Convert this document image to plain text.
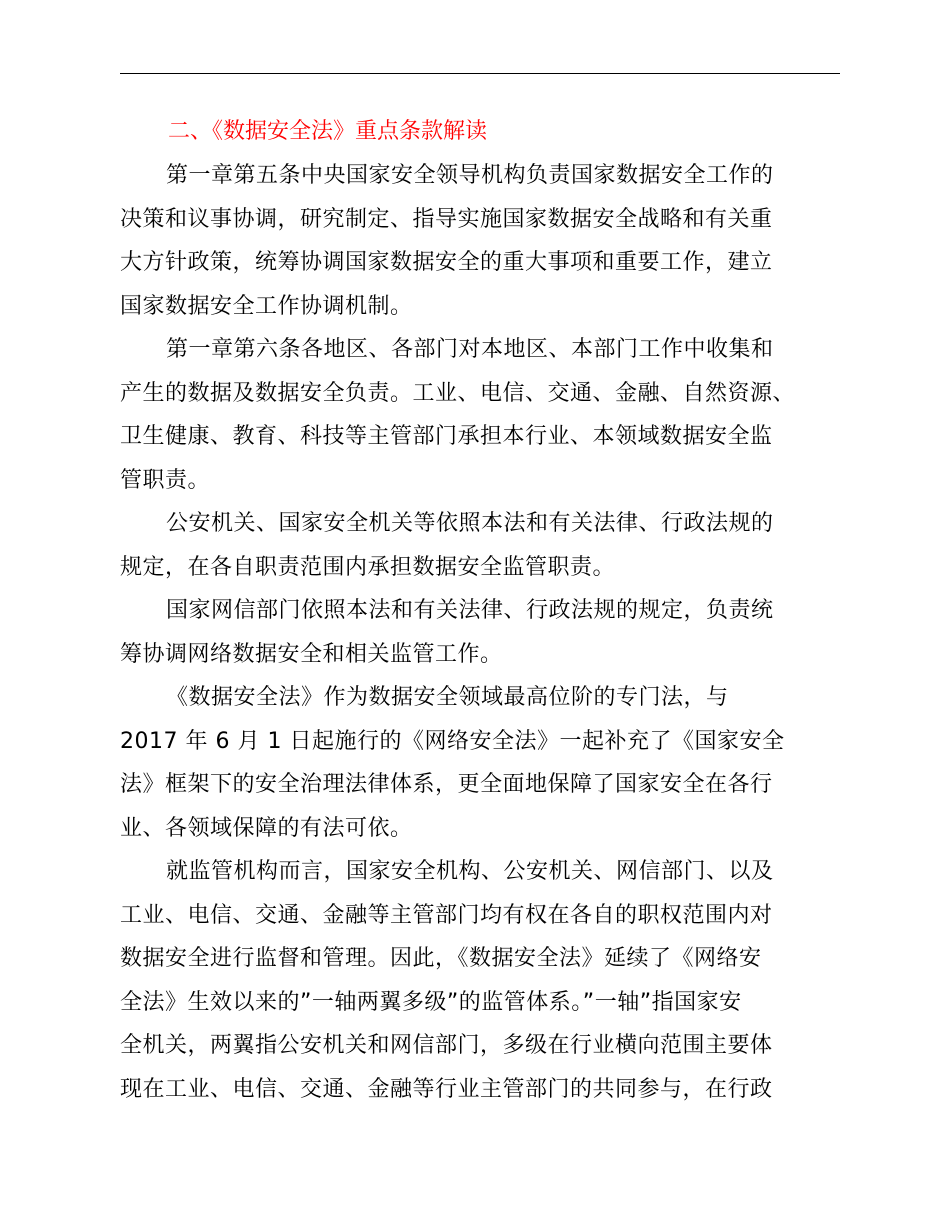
二、《数据安全法》重点条款解读

第一章第五条中央国家安全领导机构负责国家数据安全工作的
决策和议事协调，研究制定、指导实施国家数据安全战略和有关重
大方针政策，统筹协调国家数据安全的重大事项和重要工作，建立
国家数据安全工作协调机制。
第一章第六条各地区、各部门对本地区、本部门工作中收集和
产生的数据及数据安全负责。工业、电信、交通、金融、自然资源、
卫生健康、教育、科技等主管部门承担本行业、本领域数据安全监
管职责。
公安机关、国家安全机关等依照本法和有关法律、行政法规的
规定，在各自职责范围内承担数据安全监管职责。
国家网信部门依照本法和有关法律、行政法规的规定，负责统
筹协调网络数据安全和相关监管工作。
《数据安全法》作为数据安全领域最高位阶的专门法，与
2017 年 6 月 1 日起施行的《网络安全法》一起补充了《国家安全
法》框架下的安全治理法律体系，更全面地保障了国家安全在各行
业、各领域保障的有法可依。
就监管机构而言，国家安全机构、公安机关、网信部门、以及
工业、电信、交通、金融等主管部门均有权在各自的职权范围内对
数据安全进行监督和管理。因此，《数据安全法》延续了《网络安
全法》生效以来的”一轴两翼多级”的监管体系。”一轴”指国家安
全机关，两翼指公安机关和网信部门，多级在行业横向范围主要体
现在工业、电信、交通、金融等行业主管部门的共同参与，在行政
